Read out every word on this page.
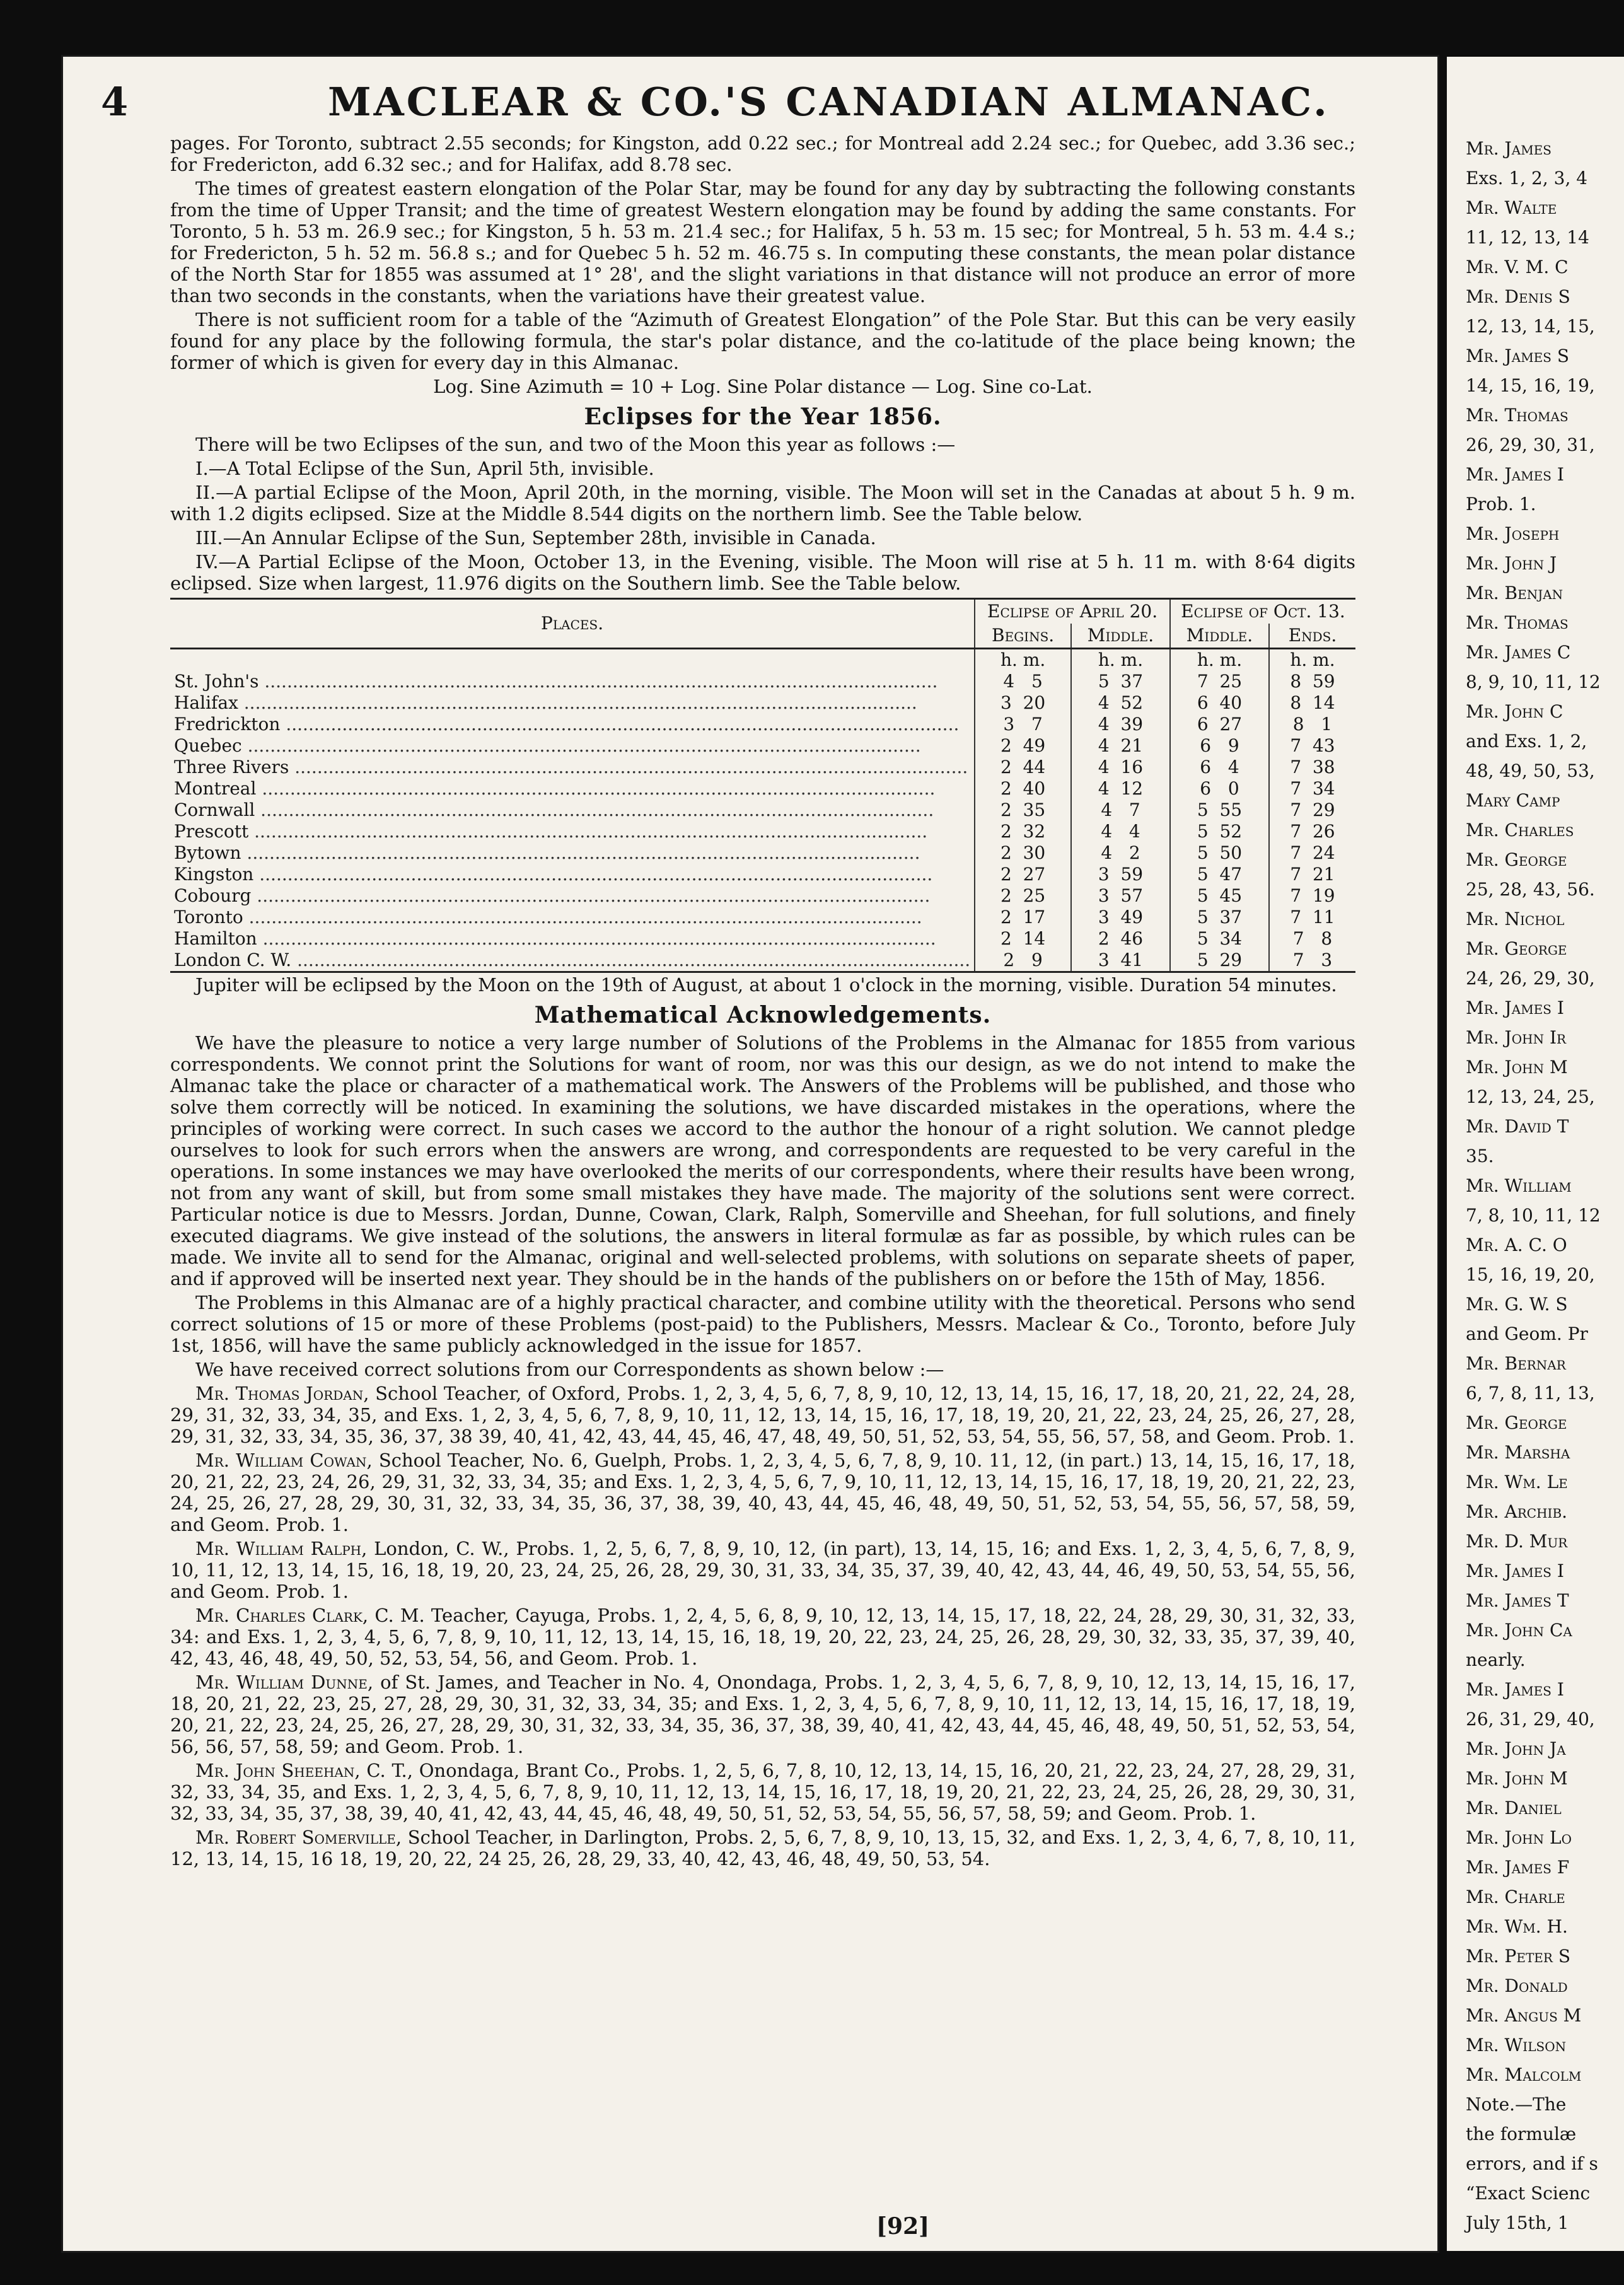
4	MACLEAR & CO.'S CANADIAN ALMANAC.

pages. For Toronto, subtract 2.55 seconds; for Kingston, add 0.22 sec.; for Montreal add 2.24 sec.; for Quebec, add 3.36 sec.; for Fredericton, add 6.32 sec.; and for Halifax, add 8.78 sec.

The times of greatest eastern elongation of the Polar Star, may be found for any day by subtracting the following constants from the time of Upper Transit; and the time of greatest Western elongation may be found by adding the same constants. For Toronto, 5 h. 53 m. 26.9 sec.; for Kingston, 5 h. 53 m. 21.4 sec.; for Halifax, 5 h. 53 m. 15 sec; for Montreal, 5 h. 53 m. 4.4 s.; for Fredericton, 5 h. 52 m. 56.8 s.; and for Quebec 5 h. 52 m. 46.75 s. In computing these constants, the mean polar distance of the North Star for 1855 was assumed at 1° 28', and the slight variations in that distance will not produce an error of more than two seconds in the constants, when the variations have their greatest value.

There is not sufficient room for a table of the “Azimuth of Greatest Elongation” of the Pole Star. But this can be very easily found for any place by the following formula, the star's polar distance, and the co-latitude of the place being known; the former of which is given for every day in this Almanac.

Log. Sine Azimuth = 10 + Log. Sine Polar distance — Log. Sine co-Lat.

Eclipses for the Year 1856.

There will be two Eclipses of the sun, and two of the Moon this year as follows :—

I.—A Total Eclipse of the Sun, April 5th, invisible.

II.—A partial Eclipse of the Moon, April 20th, in the morning, visible. The Moon will set in the Canadas at about 5 h. 9 m. with 1.2 digits eclipsed. Size at the Middle 8.544 digits on the northern limb. See the Table below.

III.—An Annular Eclipse of the Sun, September 28th, invisible in Canada.

IV.—A Partial Eclipse of the Moon, October 13, in the Evening, visible. The Moon will rise at 5 h. 11 m. with 8·64 digits eclipsed. Size when largest, 11.976 digits on the Southern limb. See the Table below.

Places.	Eclipse of April 20.		Eclipse of Oct. 13.	
	Begins.	Middle.	Middle.	Ends.
	h. m.	h. m.	h. m.	h. m.
St. John's ........................................................................................................................	4   5	5  37	7  25	8  59
Halifax ........................................................................................................................	3  20	4  52	6  40	8  14
Fredrickton ........................................................................................................................	3   7	4  39	6  27	8   1
Quebec ........................................................................................................................	2  49	4  21	6   9	7  43
Three Rivers ........................................................................................................................	2  44	4  16	6   4	7  38
Montreal ........................................................................................................................	2  40	4  12	6   0	7  34
Cornwall ........................................................................................................................	2  35	4   7	5  55	7  29
Prescott ........................................................................................................................	2  32	4   4	5  52	7  26
Bytown ........................................................................................................................	2  30	4   2	5  50	7  24
Kingston ........................................................................................................................	2  27	3  59	5  47	7  21
Cobourg ........................................................................................................................	2  25	3  57	5  45	7  19
Toronto ........................................................................................................................	2  17	3  49	5  37	7  11
Hamilton ........................................................................................................................	2  14	2  46	5  34	7   8
London C. W. ........................................................................................................................	2   9	3  41	5  29	7   3

Jupiter will be eclipsed by the Moon on the 19th of August, at about 1 o'clock in the morning, visible. Duration 54 minutes.

Mathematical Acknowledgements.

We have the pleasure to notice a very large number of Solutions of the Problems in the Almanac for 1855 from various correspondents. We connot print the Solutions for want of room, nor was this our design, as we do not intend to make the Almanac take the place or character of a mathematical work. The Answers of the Problems will be published, and those who solve them correctly will be noticed. In examining the solutions, we have discarded mistakes in the operations, where the principles of working were correct. In such cases we accord to the author the honour of a right solution. We cannot pledge ourselves to look for such errors when the answers are wrong, and correspondents are requested to be very careful in the operations. In some instances we may have overlooked the merits of our correspondents, where their results have been wrong, not from any want of skill, but from some small mistakes they have made. The majority of the solutions sent were correct. Particular notice is due to Messrs. Jordan, Dunne, Cowan, Clark, Ralph, Somerville and Sheehan, for full solutions, and finely executed diagrams. We give instead of the solutions, the answers in literal formulæ as far as possible, by which rules can be made. We invite all to send for the Almanac, original and well-selected problems, with solutions on separate sheets of paper, and if approved will be inserted next year. They should be in the hands of the publishers on or before the 15th of May, 1856.

The Problems in this Almanac are of a highly practical character, and combine utility with the theoretical. Persons who send correct solutions of 15 or more of these Problems (post-paid) to the Publishers, Messrs. Maclear & Co., Toronto, before July 1st, 1856, will have the same publicly acknowledged in the issue for 1857.

We have received correct solutions from our Correspondents as shown below :—

Mr. Thomas Jordan, School Teacher, of Oxford, Probs. 1, 2, 3, 4, 5, 6, 7, 8, 9, 10, 12, 13, 14, 15, 16, 17, 18, 20, 21, 22, 24, 28, 29, 31, 32, 33, 34, 35, and Exs. 1, 2, 3, 4, 5, 6, 7, 8, 9, 10, 11, 12, 13, 14, 15, 16, 17, 18, 19, 20, 21, 22, 23, 24, 25, 26, 27, 28, 29, 31, 32, 33, 34, 35, 36, 37, 38 39, 40, 41, 42, 43, 44, 45, 46, 47, 48, 49, 50, 51, 52, 53, 54, 55, 56, 57, 58, and Geom. Prob. 1.

Mr. William Cowan, School Teacher, No. 6, Guelph, Probs. 1, 2, 3, 4, 5, 6, 7, 8, 9, 10. 11, 12, (in part.) 13, 14, 15, 16, 17, 18, 20, 21, 22, 23, 24, 26, 29, 31, 32, 33, 34, 35; and Exs. 1, 2, 3, 4, 5, 6, 7, 9, 10, 11, 12, 13, 14, 15, 16, 17, 18, 19, 20, 21, 22, 23, 24, 25, 26, 27, 28, 29, 30, 31, 32, 33, 34, 35, 36, 37, 38, 39, 40, 43, 44, 45, 46, 48, 49, 50, 51, 52, 53, 54, 55, 56, 57, 58, 59, and Geom. Prob. 1.

Mr. William Ralph, London, C. W., Probs. 1, 2, 5, 6, 7, 8, 9, 10, 12, (in part), 13, 14, 15, 16; and Exs. 1, 2, 3, 4, 5, 6, 7, 8, 9, 10, 11, 12, 13, 14, 15, 16, 18, 19, 20, 23, 24, 25, 26, 28, 29, 30, 31, 33, 34, 35, 37, 39, 40, 42, 43, 44, 46, 49, 50, 53, 54, 55, 56, and Geom. Prob. 1.

Mr. Charles Clark, C. M. Teacher, Cayuga, Probs. 1, 2, 4, 5, 6, 8, 9, 10, 12, 13, 14, 15, 17, 18, 22, 24, 28, 29, 30, 31, 32, 33, 34: and Exs. 1, 2, 3, 4, 5, 6, 7, 8, 9, 10, 11, 12, 13, 14, 15, 16, 18, 19, 20, 22, 23, 24, 25, 26, 28, 29, 30, 32, 33, 35, 37, 39, 40, 42, 43, 46, 48, 49, 50, 52, 53, 54, 56, and Geom. Prob. 1.

Mr. William Dunne, of St. James, and Teacher in No. 4, Onondaga, Probs. 1, 2, 3, 4, 5, 6, 7, 8, 9, 10, 12, 13, 14, 15, 16, 17, 18, 20, 21, 22, 23, 25, 27, 28, 29, 30, 31, 32, 33, 34, 35; and Exs. 1, 2, 3, 4, 5, 6, 7, 8, 9, 10, 11, 12, 13, 14, 15, 16, 17, 18, 19, 20, 21, 22, 23, 24, 25, 26, 27, 28, 29, 30, 31, 32, 33, 34, 35, 36, 37, 38, 39, 40, 41, 42, 43, 44, 45, 46, 48, 49, 50, 51, 52, 53, 54, 56, 56, 57, 58, 59; and Geom. Prob. 1.

Mr. John Sheehan, C. T., Onondaga, Brant Co., Probs. 1, 2, 5, 6, 7, 8, 10, 12, 13, 14, 15, 16, 20, 21, 22, 23, 24, 27, 28, 29, 31, 32, 33, 34, 35, and Exs. 1, 2, 3, 4, 5, 6, 7, 8, 9, 10, 11, 12, 13, 14, 15, 16, 17, 18, 19, 20, 21, 22, 23, 24, 25, 26, 28, 29, 30, 31, 32, 33, 34, 35, 37, 38, 39, 40, 41, 42, 43, 44, 45, 46, 48, 49, 50, 51, 52, 53, 54, 55, 56, 57, 58, 59; and Geom. Prob. 1.

Mr. Robert Somerville, School Teacher, in Darlington, Probs. 2, 5, 6, 7, 8, 9, 10, 13, 15, 32, and Exs. 1, 2, 3, 4, 6, 7, 8, 10, 11, 12, 13, 14, 15, 16 18, 19, 20, 22, 24 25, 26, 28, 29, 33, 40, 42, 43, 46, 48, 49, 50, 53, 54.

[92]
Mr. James
Exs. 1, 2, 3, 4
Mr. Walte
11, 12, 13, 14
Mr. V. M. C
Mr. Denis S
12, 13, 14, 15,
Mr. James S
14, 15, 16, 19,
Mr. Thomas
26, 29, 30, 31,
Mr. James I
Prob. 1.
Mr. Joseph
Mr. John J
Mr. Benjan
Mr. Thomas
Mr. James C
8, 9, 10, 11, 12
Mr. John C
and Exs. 1, 2,
48, 49, 50, 53,
Mary Camp
Mr. Charles
Mr. George
25, 28, 43, 56.
Mr. Nichol
Mr. George
24, 26, 29, 30,
Mr. James I
Mr. John Ir
Mr. John M
12, 13, 24, 25,
Mr. David T
35.
Mr. William
7, 8, 10, 11, 12
Mr. A. C. O
15, 16, 19, 20,
Mr. G. W. S
and Geom. Pr
Mr. Bernar
6, 7, 8, 11, 13,
Mr. George
Mr. Marsha
Mr. Wm. Le
Mr. Archib.
Mr. D. Mur
Mr. James I
Mr. James T
Mr. John Ca
nearly.
Mr. James I
26, 31, 29, 40,
Mr. John Ja
Mr. John M
Mr. Daniel
Mr. John Lo
Mr. James F
Mr. Charle
Mr. Wm. H.
Mr. Peter S
Mr. Donald
Mr. Angus M
Mr. Wilson
Mr. Malcolm
Note.—The
the formulæ
errors, and if s
“Exact Scienc
July 15th, 1
